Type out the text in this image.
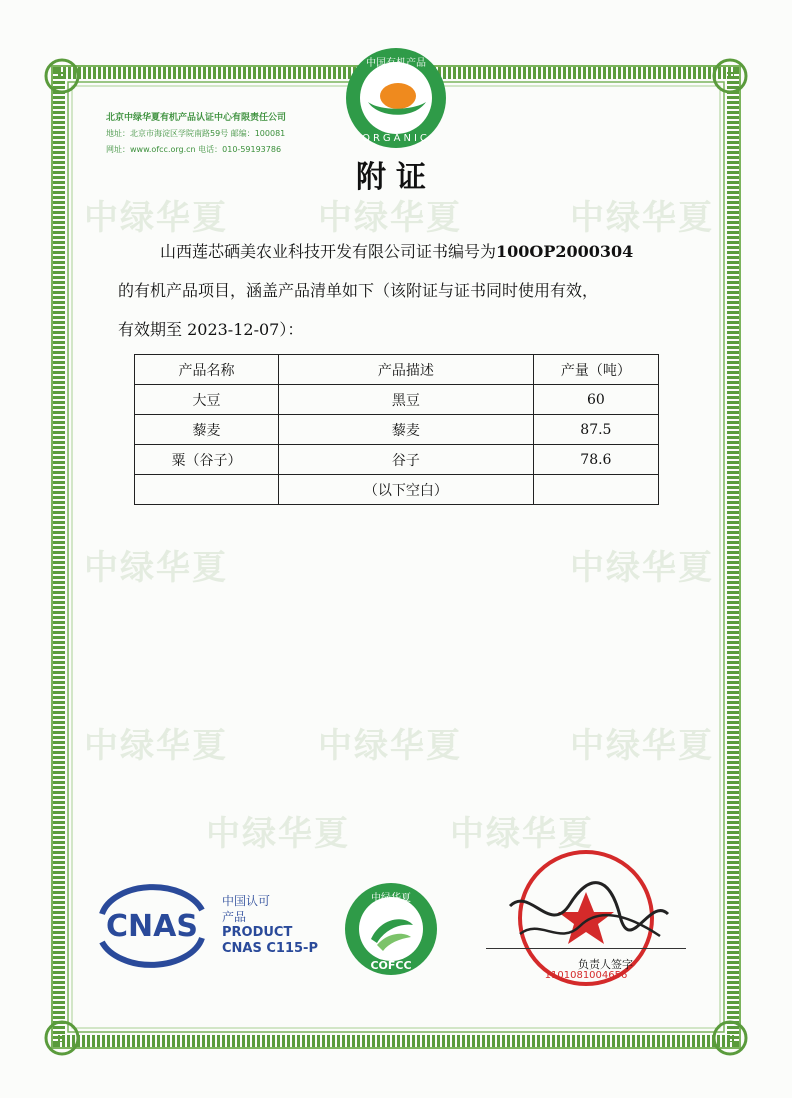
中绿华夏	中绿华夏	中绿华夏
中绿华夏	中绿华夏
中绿华夏	中绿华夏	中绿华夏
中绿华夏	中绿华夏
北京中绿华夏有机产品认证中心有限责任公司
地址：北京市海淀区学院南路59号 邮编：100081
网址：www.ofcc.org.cn 电话：010-59193786
中国有机产品
ORGANIC
附证
山西莲芯硒美农业科技开发有限公司证书编号为100OP2000304
的有机产品项目，涵盖产品清单如下（该附证与证书同时使用有效，
有效期至 2023-12-07）：
产品名称	产品描述	产量（吨）
大豆	黑豆	60
藜麦	藜麦	87.5
粟（谷子）	谷子	78.6
	（以下空白）	
CNAS
中国认可
产品
PRODUCT
CNAS C115-P
中绿华夏
COFCC
1101081004656
负责人签字
